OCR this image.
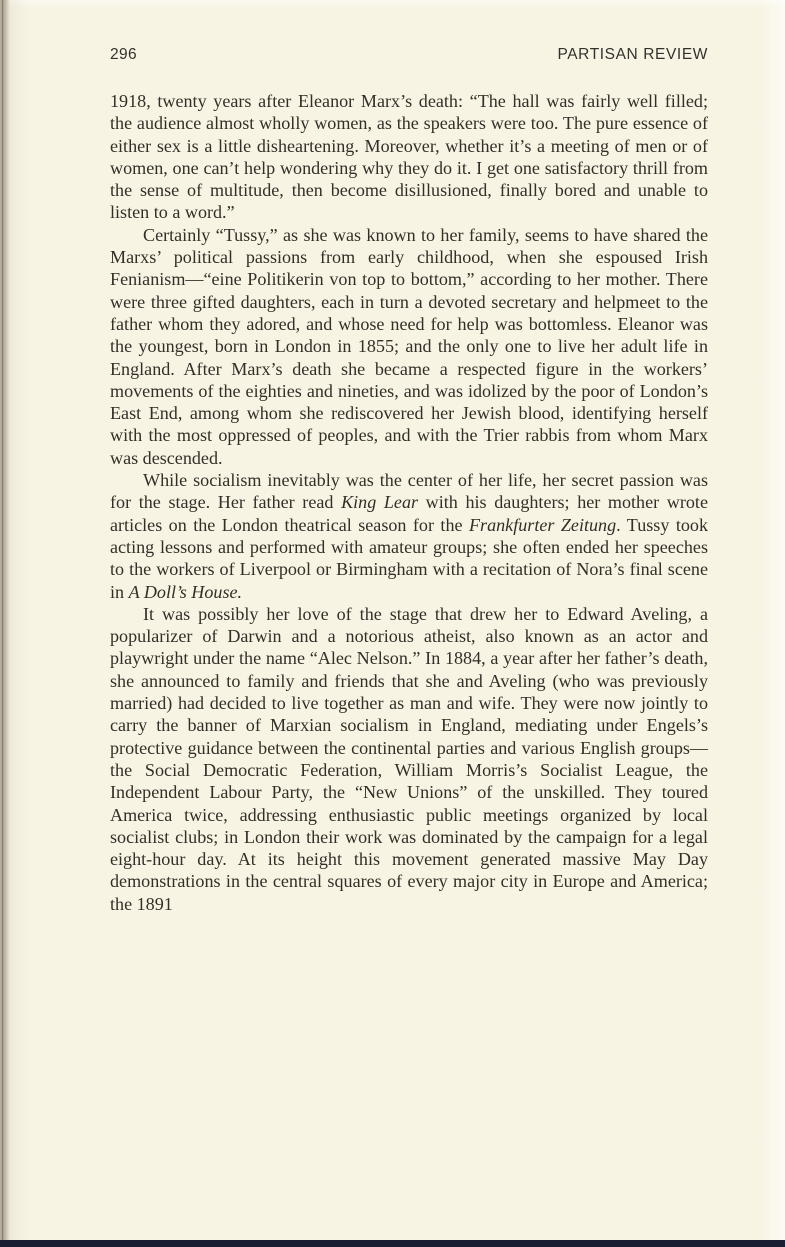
296	PARTISAN REVIEW

1918, twenty years after Eleanor Marx’s death: “The hall was fairly well filled; the audience almost wholly women, as the speakers were too. The pure essence of either sex is a little disheartening. Moreover, whether it’s a meeting of men or of women, one can’t help wondering why they do it. I get one satisfactory thrill from the sense of multitude, then become disillusioned, finally bored and unable to listen to a word.”

Certainly “Tussy,” as she was known to her family, seems to have shared the Marxs’ political passions from early childhood, when she espoused Irish Fenianism—“eine Politikerin von top to bottom,” according to her mother. There were three gifted daughters, each in turn a devoted secretary and helpmeet to the father whom they adored, and whose need for help was bottomless. Eleanor was the youngest, born in London in 1855; and the only one to live her adult life in England. After Marx’s death she became a respected figure in the workers’ movements of the eighties and nineties, and was idolized by the poor of London’s East End, among whom she rediscovered her Jewish blood, identifying herself with the most oppressed of peoples, and with the Trier rabbis from whom Marx was descended.

While socialism inevitably was the center of her life, her secret passion was for the stage. Her father read King Lear with his daughters; her mother wrote articles on the London theatrical season for the Frankfurter Zeitung. Tussy took acting lessons and performed with amateur groups; she often ended her speeches to the workers of Liverpool or Birmingham with a recitation of Nora’s final scene in A Doll’s House.

It was possibly her love of the stage that drew her to Edward Aveling, a popularizer of Darwin and a notorious atheist, also known as an actor and playwright under the name “Alec Nelson.” In 1884, a year after her father’s death, she announced to family and friends that she and Aveling (who was previously married) had decided to live together as man and wife. They were now jointly to carry the banner of Marxian socialism in England, mediating under Engels’s protective guidance between the continental parties and various English groups—the Social Democratic Federation, William Morris’s Socialist League, the Independent Labour Party, the “New Unions” of the unskilled. They toured America twice, addressing enthusiastic public meetings organized by local socialist clubs; in London their work was dominated by the campaign for a legal eight-hour day. At its height this movement generated massive May Day demonstrations in the central squares of every major city in Europe and America; the 1891
